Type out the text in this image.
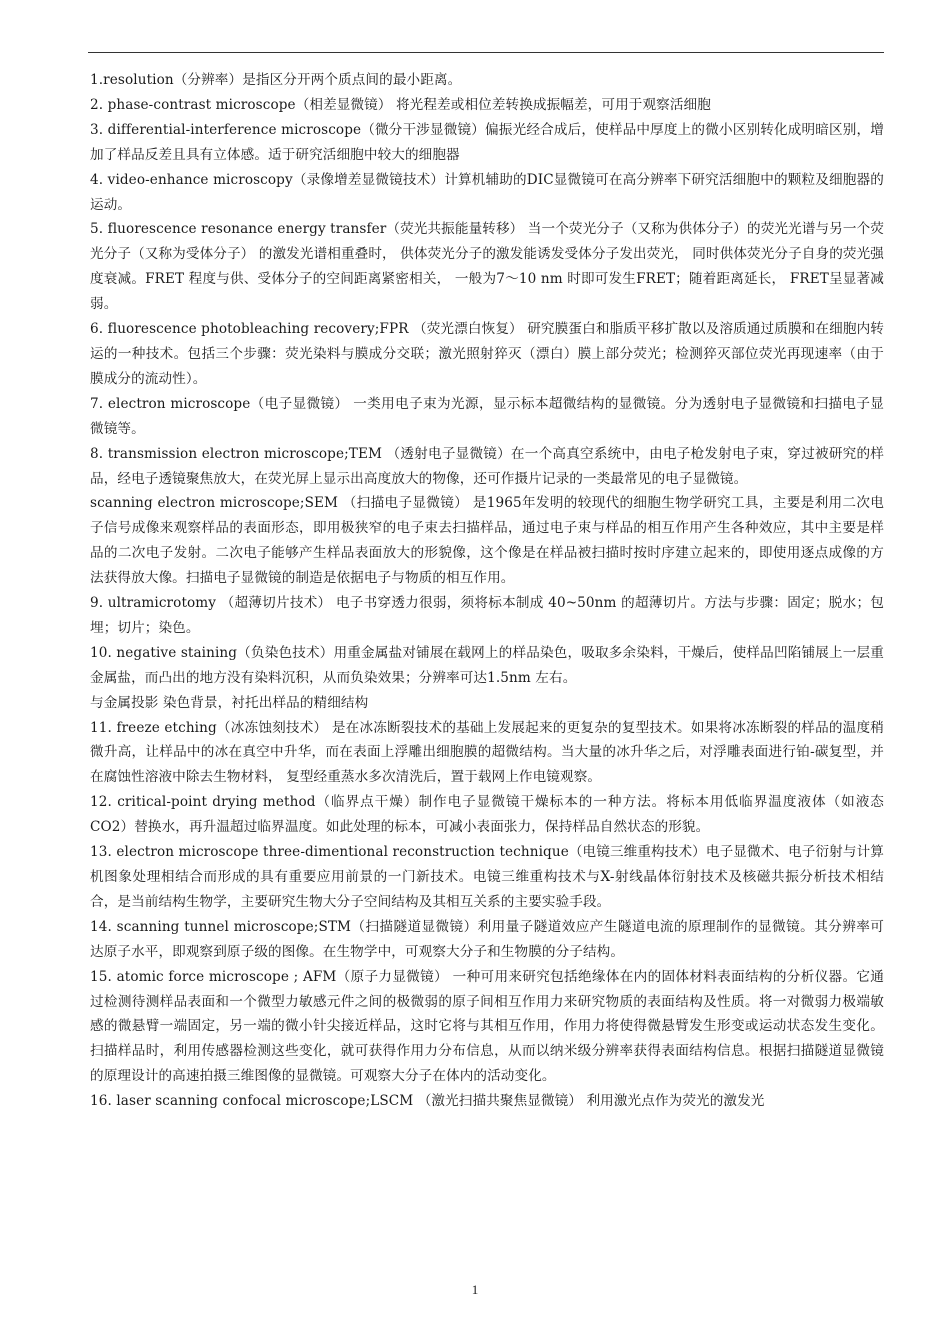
1.resolution（分辨率）是指区分开两个质点间的最小距离。

2. phase-contrast microscope（相差显微镜） 将光程差或相位差转换成振幅差，可用于观察活细胞

3. differential-interference microscope（微分干涉显微镜）偏振光经合成后，使样品中厚度上的微小区别转化成明暗区别，增加了样品反差且具有立体感。适于研究活细胞中较大的细胞器

4. video-enhance microscopy（录像增差显微镜技术）计算机辅助的DIC显微镜可在高分辨率下研究活细胞中的颗粒及细胞器的运动。

5. fluorescence resonance energy transfer（荧光共振能量转移） 当一个荧光分子（又称为供体分子）的荧光光谱与另一个荧光分子（又称为受体分子） 的激发光谱相重叠时， 供体荧光分子的激发能诱发受体分子发出荧光， 同时供体荧光分子自身的荧光强度衰减。FRET 程度与供、受体分子的空间距离紧密相关， 一般为7～10 nm 时即可发生FRET；随着距离延长， FRET呈显著减弱。

6. fluorescence photobleaching recovery;FPR （荧光漂白恢复） 研究膜蛋白和脂质平移扩散以及溶质通过质膜和在细胞内转运的一种技术。包括三个步骤：荧光染料与膜成分交联；激光照射猝灭（漂白）膜上部分荧光；检测猝灭部位荧光再现速率（由于膜成分的流动性）。

7. electron microscope（电子显微镜） 一类用电子束为光源，显示标本超微结构的显微镜。分为透射电子显微镜和扫描电子显微镜等。

8. transmission electron microscope;TEM （透射电子显微镜）在一个高真空系统中，由电子枪发射电子束，穿过被研究的样品，经电子透镜聚焦放大，在荧光屏上显示出高度放大的物像，还可作摄片记录的一类最常见的电子显微镜。

scanning electron microscope;SEM （扫描电子显微镜） 是1965年发明的较现代的细胞生物学研究工具，主要是利用二次电子信号成像来观察样品的表面形态，即用极狭窄的电子束去扫描样品，通过电子束与样品的相互作用产生各种效应，其中主要是样品的二次电子发射。二次电子能够产生样品表面放大的形貌像，这个像是在样品被扫描时按时序建立起来的，即使用逐点成像的方法获得放大像。扫描电子显微镜的制造是依据电子与物质的相互作用。

9. ultramicrotomy （超薄切片技术） 电子书穿透力很弱，须将标本制成 40~50nm 的超薄切片。方法与步骤：固定；脱水；包埋；切片；染色。

10. negative staining（负染色技术）用重金属盐对铺展在载网上的样品染色，吸取多余染料，干燥后，使样品凹陷铺展上一层重金属盐，而凸出的地方没有染料沉积，从而负染效果；分辨率可达1.5nm 左右。

与金属投影 染色背景，衬托出样品的精细结构

11. freeze etching（冰冻蚀刻技术） 是在冰冻断裂技术的基础上发展起来的更复杂的复型技术。如果将冰冻断裂的样品的温度稍微升高，让样品中的冰在真空中升华，而在表面上浮雕出细胞膜的超微结构。当大量的冰升华之后，对浮雕表面进行铂-碳复型，并在腐蚀性溶液中除去生物材料， 复型经重蒸水多次清洗后，置于载网上作电镜观察。

12. critical-point drying method（临界点干燥）制作电子显微镜干燥标本的一种方法。将标本用低临界温度液体（如液态 CO2）替换水，再升温超过临界温度。如此处理的标本，可减小表面张力，保持样品自然状态的形貌。

13. electron microscope three-dimentional reconstruction technique（电镜三维重构技术）电子显微术、电子衍射与计算机图象处理相结合而形成的具有重要应用前景的一门新技术。电镜三维重构技术与X-射线晶体衍射技术及核磁共振分析技术相结合，是当前结构生物学，主要研究生物大分子空间结构及其相互关系的主要实验手段。

14. scanning tunnel microscope;STM（扫描隧道显微镜）利用量子隧道效应产生隧道电流的原理制作的显微镜。其分辨率可达原子水平，即观察到原子级的图像。在生物学中，可观察大分子和生物膜的分子结构。

15. atomic force microscope ; AFM（原子力显微镜） 一种可用来研究包括绝缘体在内的固体材料表面结构的分析仪器。它通过检测待测样品表面和一个微型力敏感元件之间的极微弱的原子间相互作用力来研究物质的表面结构及性质。将一对微弱力极端敏感的微悬臂一端固定，另一端的微小针尖接近样品，这时它将与其相互作用，作用力将使得微悬臂发生形变或运动状态发生变化。扫描样品时，利用传感器检测这些变化，就可获得作用力分布信息，从而以纳米级分辨率获得表面结构信息。根据扫描隧道显微镜的原理设计的高速拍摄三维图像的显微镜。可观察大分子在体内的活动变化。

16. laser scanning confocal microscope;LSCM （激光扫描共聚焦显微镜） 利用激光点作为荧光的激发光

1
